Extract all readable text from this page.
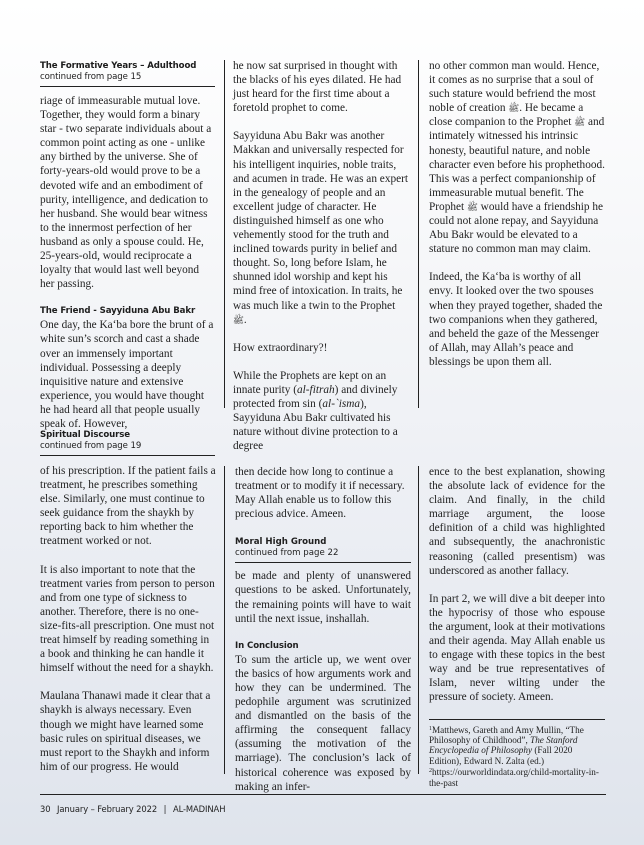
The Formative Years – Adulthood
continued from page 15

riage of immeasurable mutual love. Together, they would form a binary star - two separate individuals about a common point acting as one - unlike any birthed by the universe. She of forty-years-old would prove to be a devoted wife and an embodiment of purity, intelligence, and dedication to her husband. She would bear witness to the innermost perfection of her husband as only a spouse could. He, 25-years-old, would reciprocate a loyalty that would last well beyond her passing.

The Friend - Sayyiduna Abu Bakr

One day, the Ka‘ba bore the brunt of a white sun’s scorch and cast a shade over an immensely important individual. Possessing a deeply inquisitive nature and extensive experience, you would have thought he had heard all that people usually speak of. However,

he now sat surprised in thought with the blacks of his eyes dilated. He had just heard for the first time about a foretold prophet to come.

Sayyiduna Abu Bakr was another Makkan and universally respected for his intelligent inquiries, noble traits, and acumen in trade. He was an expert in the genealogy of people and an excellent judge of character. He distinguished himself as one who vehemently stood for the truth and inclined towards purity in belief and thought. So, long before Islam, he shunned idol worship and kept his mind free of intoxication. In traits, he was much like a twin to the Prophet ﷺ.

How extraordinary?!

While the Prophets are kept on an innate purity (al-fitrah) and divinely protected from sin (al-`isma), Sayyiduna Abu Bakr cultivated his nature without divine protection to a degree

no other common man would. Hence, it comes as no surprise that a soul of such stature would befriend the most noble of creation ﷺ. He became a close companion to the Prophet ﷺ and intimately witnessed his intrinsic honesty, beautiful nature, and noble character even before his prophethood. This was a perfect companionship of immeasurable mutual benefit. The Prophet ﷺ would have a friendship he could not alone repay, and Sayyiduna Abu Bakr would be elevated to a stature no common man may claim.

Indeed, the Ka‘ba is worthy of all envy. It looked over the two spouses when they prayed together, shaded the two companions when they gathered, and beheld the gaze of the Messenger of Allah, may Allah’s peace and blessings be upon them all.

Spiritual Discourse
continued from page 19

of his prescription. If the patient fails a treatment, he prescribes something else. Similarly, one must continue to seek guidance from the shaykh by reporting back to him whether the treatment worked or not.

It is also important to note that the treatment varies from person to person and from one type of sickness to another. Therefore, there is no one-size-fits-all prescription. One must not treat himself by reading something in a book and thinking he can handle it himself without the need for a shaykh.

Maulana Thanawi made it clear that a shaykh is always necessary. Even though we might have learned some basic rules on spiritual diseases, we must report to the Shaykh and inform him of our progress. He would

then decide how long to continue a treatment or to modify it if necessary. May Allah enable us to follow this precious advice. Ameen.

Moral High Ground
continued from page 22

be made and plenty of unanswered questions to be asked. Unfortunately, the remaining points will have to wait until the next issue, inshallah.

In Conclusion

To sum the article up, we went over the basics of how arguments work and how they can be undermined. The pedophile argument was scrutinized and dismantled on the basis of the affirming the consequent fallacy (assuming the motivation of the marriage). The conclusion’s lack of historical coherence was exposed by making an infer-

ence to the best explanation, showing the absolute lack of evidence for the claim. And finally, in the child marriage argument, the loose definition of a child was highlighted and subsequently, the anachronistic reasoning (called presentism) was underscored as another fallacy.

In part 2, we will dive a bit deeper into the hypocrisy of those who espouse the argument, look at their motivations and their agenda. May Allah enable us to engage with these topics in the best way and be true representatives of Islam, never wilting under the pressure of society. Ameen.

$^1$Matthews, Gareth and Amy Mullin, “The Philosophy of Childhood”, The Stanford Encyclopedia of Philosophy (Fall 2020 Edition), Edward N. Zalta (ed.)
$^2$https://ourworldindata.org/child-mortality-in-the-past
30 January – February 2022 | AL-MADINAH
